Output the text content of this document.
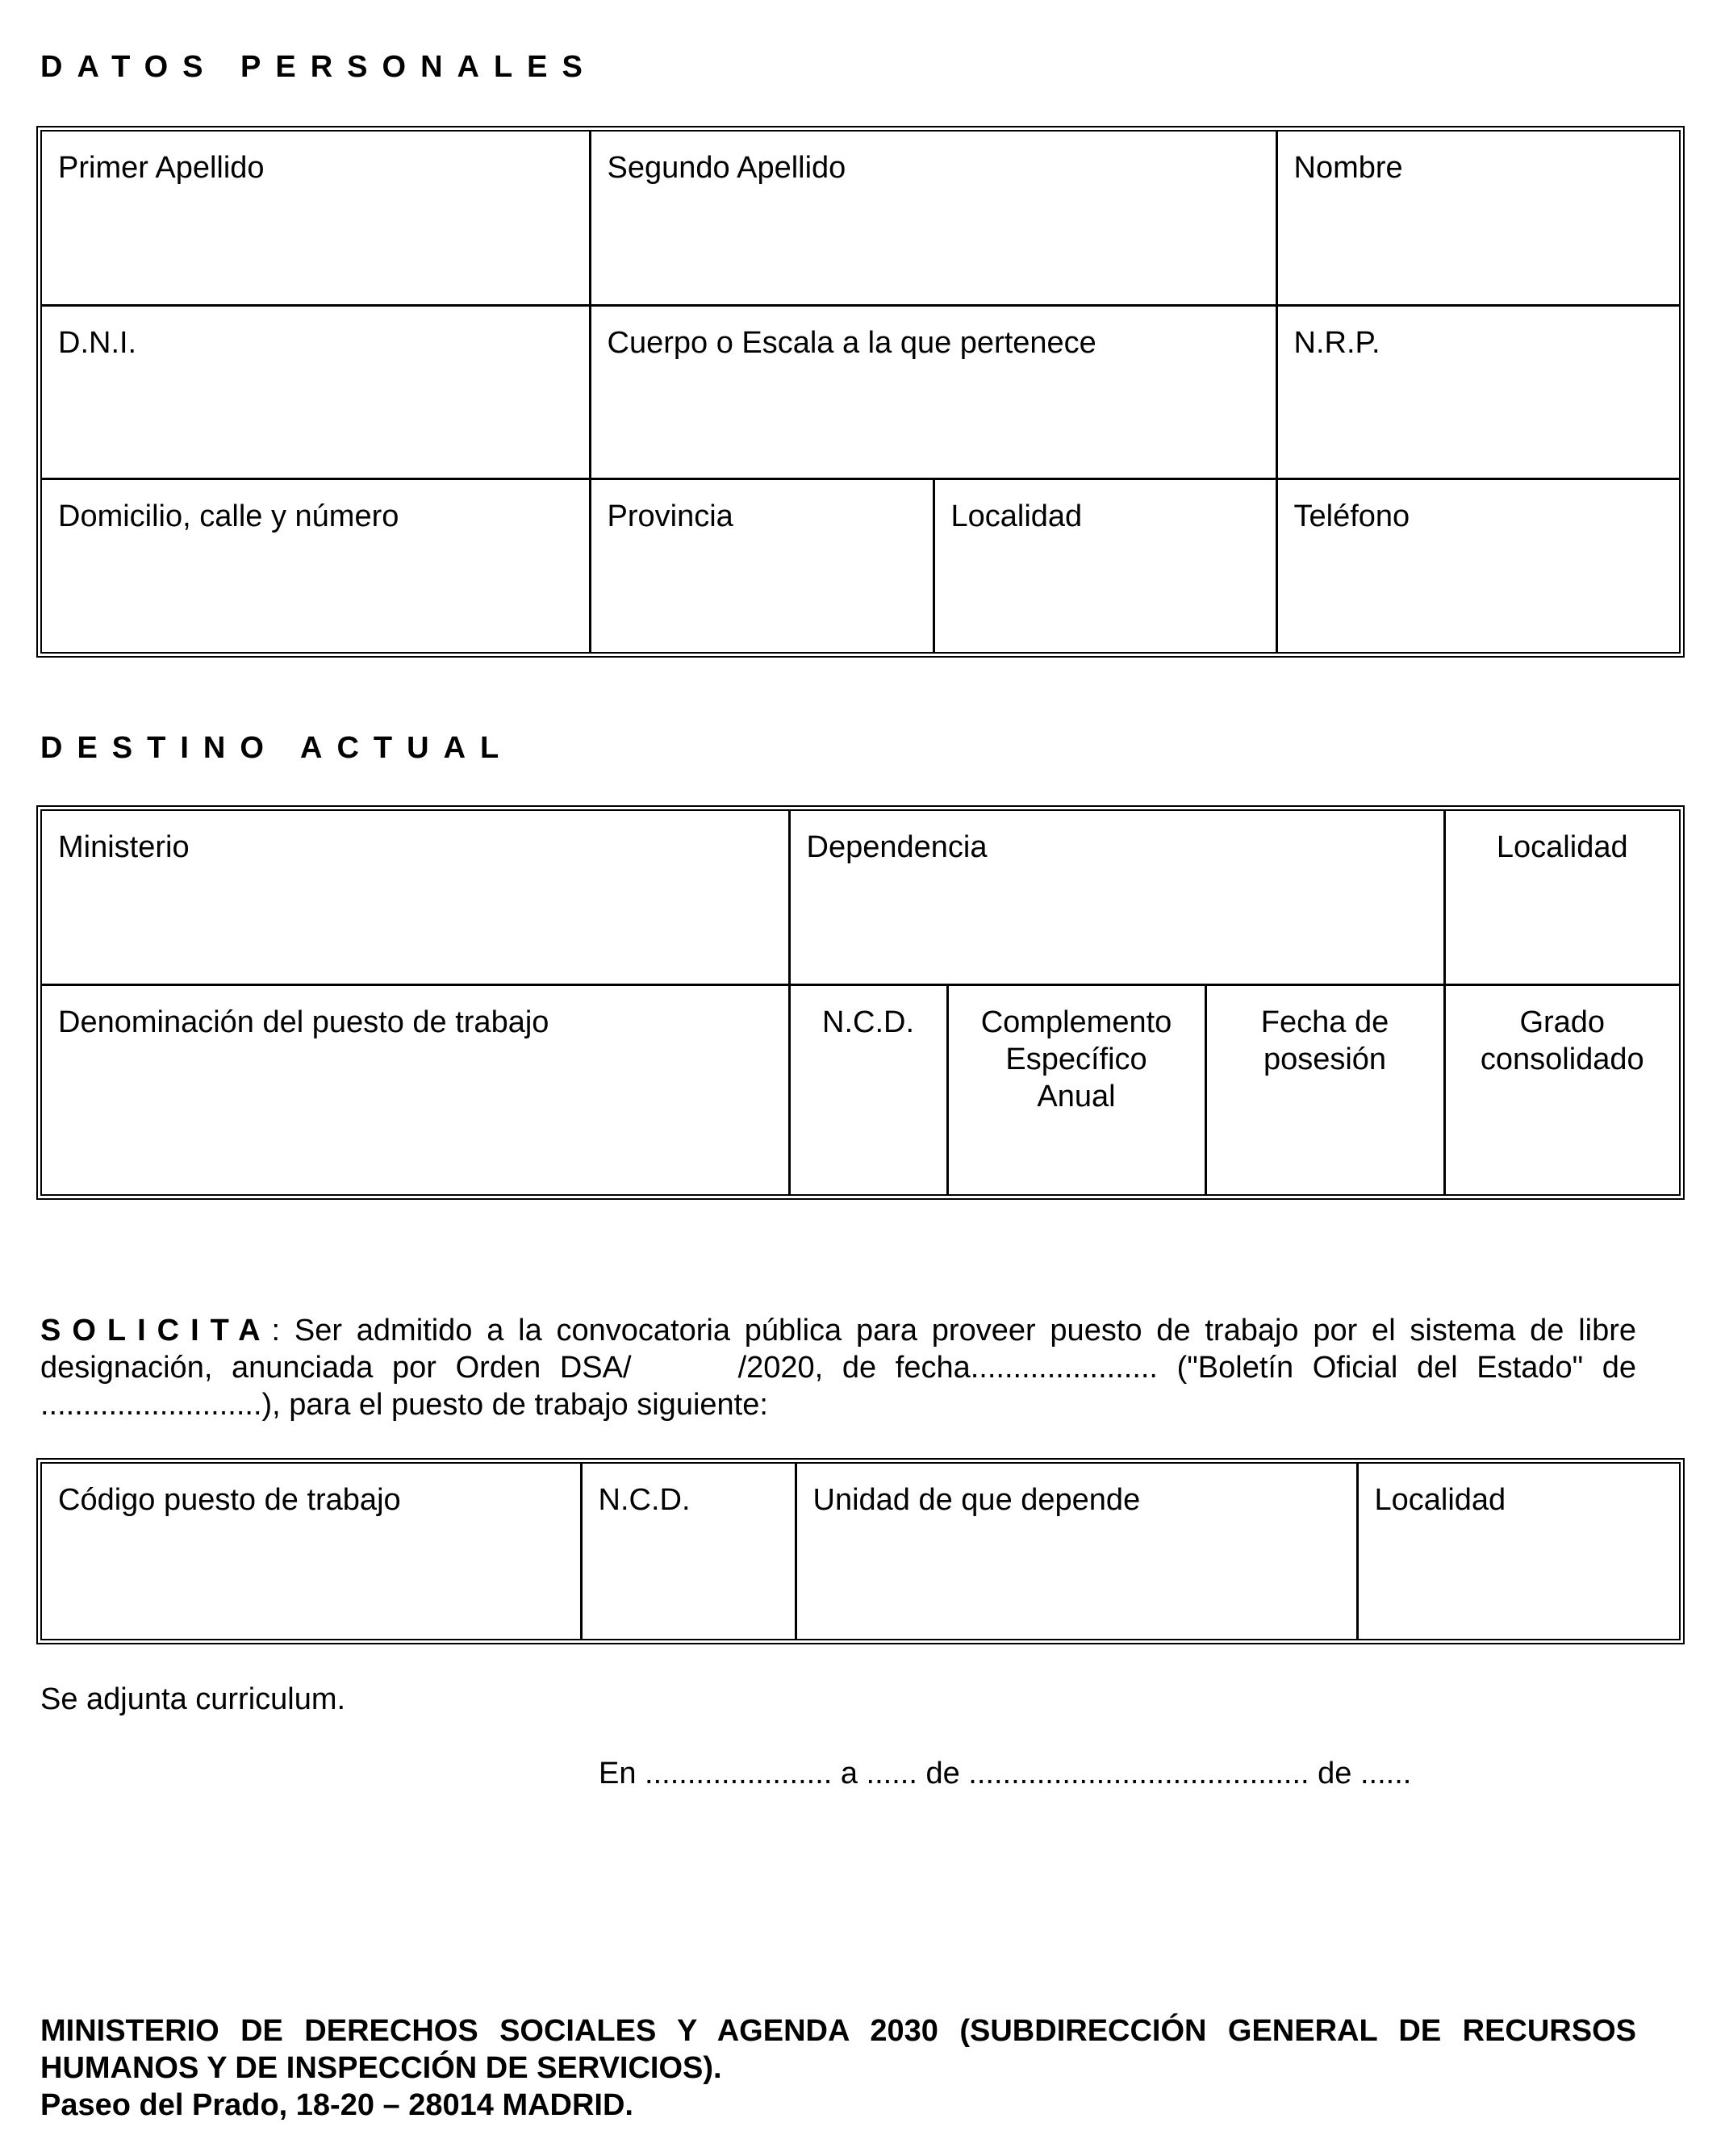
DATOS PERSONALES
Primer Apellido	Segundo Apellido		Nombre
D.N.I.	Cuerpo o Escala a la que pertenece		N.R.P.
Domicilio, calle y número	Provincia	Localidad	Teléfono
DESTINO ACTUAL
Ministerio	Dependencia			Localidad
Denominación del puesto de trabajo	N.C.D.	Complemento Específico Anual	Fecha de posesión	Grado consolidado
SOLICITA: Ser admitido a la convocatoria pública para proveer puesto de trabajo por el sistema de libre designación, anunciada por Orden DSA/	/2020, de fecha...................... ("Boletín Oficial del Estado" de ..........................), para el puesto de trabajo siguiente:
Código puesto de trabajo	N.C.D.	Unidad de que depende	Localidad
Se adjunta curriculum.
En ...................... a ...... de ........................................ de ......
MINISTERIO DE DERECHOS SOCIALES Y AGENDA 2030 (SUBDIRECCIÓN GENERAL DE RECURSOS HUMANOS Y DE INSPECCIÓN DE SERVICIOS).
Paseo del Prado, 18-20 – 28014 MADRID.
